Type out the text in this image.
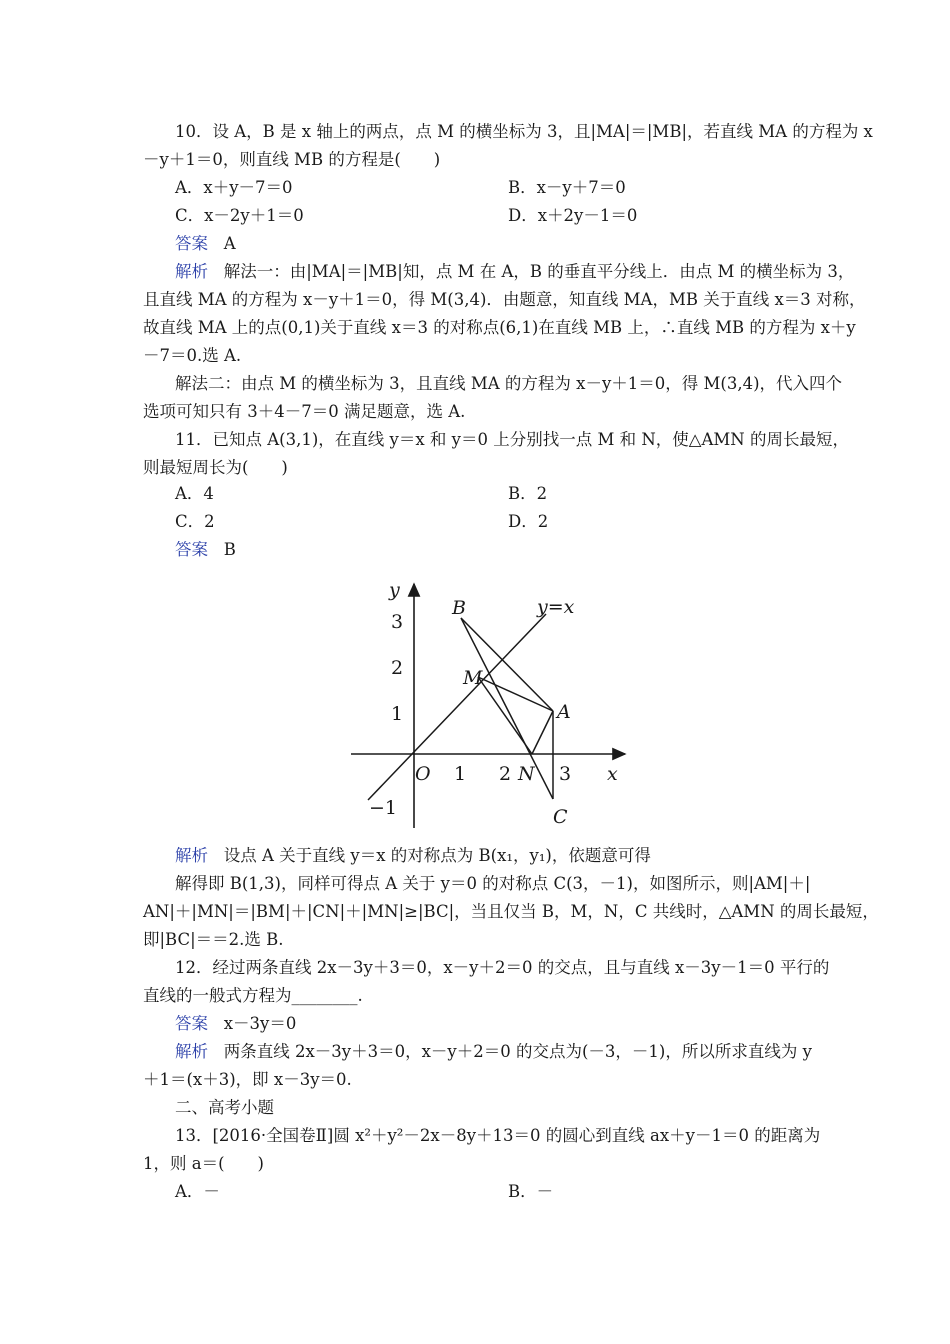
10．设 A，B 是 x 轴上的两点，点 M 的横坐标为 3，且|MA|＝|MB|，若直线 MA 的方程为 x
－y＋1＝0，则直线 MB 的方程是(　　)
A．x＋y－7＝0	B．x－y＋7＝0
C．x－2y＋1＝0	D．x＋2y－1＝0
答案 A
解析 解法一：由|MA|＝|MB|知，点 M 在 A，B 的垂直平分线上．由点 M 的横坐标为 3，
且直线 MA 的方程为 x－y＋1＝0，得 M(3,4)．由题意，知直线 MA，MB 关于直线 x＝3 对称，
故直线 MA 上的点(0,1)关于直线 x＝3 的对称点(6,1)在直线 MB 上，∴直线 MB 的方程为 x＋y
－7＝0.选 A.
解法二：由点 M 的横坐标为 3，且直线 MA 的方程为 x－y＋1＝0，得 M(3,4)，代入四个
选项可知只有 3＋4－7＝0 满足题意，选 A.
11．已知点 A(3,1)，在直线 y＝x 和 y＝0 上分别找一点 M 和 N，使△AMN 的周长最短，
则最短周长为(　　)
A．4	B．2
C．2	D．2
答案 B
3
2
1
−1
1 2	3
y
x
O
y=x
B
M
A
N
C
解析 设点 A 关于直线 y＝x 的对称点为 B(x₁，y₁)，依题意可得
解得即 B(1,3)，同样可得点 A 关于 y＝0 的对称点 C(3，－1)，如图所示，则|AM|＋|
AN|＋|MN|＝|BM|＋|CN|＋|MN|≥|BC|，当且仅当 B，M，N，C 共线时，△AMN 的周长最短，
即|BC|＝＝2.选 B.
12．经过两条直线 2x－3y＋3＝0，x－y＋2＝0 的交点，且与直线 x－3y－1＝0 平行的
直线的一般式方程为________.
答案 x－3y＝0
解析 两条直线 2x－3y＋3＝0，x－y＋2＝0 的交点为(－3，－1)，所以所求直线为 y
＋1＝(x＋3)，即 x－3y＝0.
二、高考小题
13．[2016·全国卷Ⅱ]圆 x²＋y²－2x－8y＋13＝0 的圆心到直线 ax＋y－1＝0 的距离为
1，则 a＝(　　)
A．－	B．－
